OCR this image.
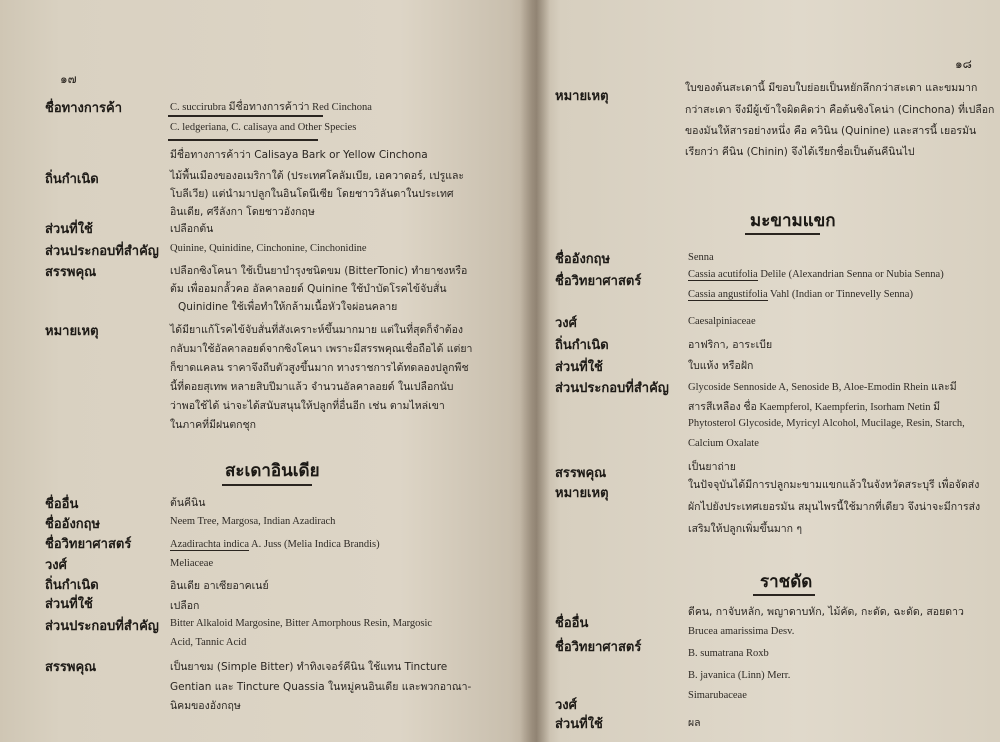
๑๗
ชื่อทางการค้า	C. succirubra มีชื่อทางการค้าว่า Red Cinchona
C. ledgeriana, C. calisaya and Other Species
มีชื่อทางการค้าว่า Calisaya Bark or Yellow Cinchona
ถิ่นกำเนิด	ไม้พื้นเมืองของอเมริกาใต้ (ประเทศโคลัมเบีย, เอควาดอร์, เปรูและ
โบลีเวีย) แต่นำมาปลูกในอินโดนีเซีย โดยชาววิลันดาในประเทศ
อินเดีย, ศรีลังกา โดยชาวอังกฤษ
ส่วนที่ใช้	เปลือกต้น
ส่วนประกอบที่สำคัญ Quinine, Quinidine, Cinchonine, Cinchonidine
สรรพคุณ	เปลือกซิงโคนา ใช้เป็นยาบำรุงชนิดขม (BitterTonic) ทำยาชงหรือ
ต้ม เพื่ออมกลั้วคอ อัลคาลอยด์ Quinine ใช้บำบัดโรคไข้จับสั่น
Quinidine ใช้เพื่อทำให้กล้ามเนื้อหัวใจผ่อนคลาย
หมายเหตุ	ได้มียาแก้โรคไข้จับสั่นที่สังเคราะห์ขึ้นมากมาย แต่ในที่สุดก็จำต้อง
กลับมาใช้อัลคาลอยด์จากซิงโคนา เพราะมีสรรพคุณเชื่อถือได้ แต่ยา
ก็ขาดแคลน ราคาจึงถีบตัวสูงขึ้นมาก ทางราชการได้ทดลองปลูกพืช
นี้ที่ดอยสุเทพ หลายสิบปีมาแล้ว จำนวนอัลคาลอยด์ ในเปลือกนับ
ว่าพอใช้ได้ น่าจะได้สนับสนุนให้ปลูกที่อื่นอีก เช่น ตามไหล่เขา
ในภาคที่มีฝนตกชุก
สะเดาอินเดีย
ชื่ออื่น	ต้นคีนิน
ชื่ออังกฤษ	Neem Tree, Margosa, Indian Azadirach
ชื่อวิทยาศาสตร์	Azadirachta indica A. Juss (Melia Indica Brandis)
วงศ์	Meliaceae
ถิ่นกำเนิด	อินเดีย อาเซียอาคเนย์
ส่วนที่ใช้	เปลือก
ส่วนประกอบที่สำคัญ Bitter Alkaloid Margosine, Bitter Amorphous Resin, Margosic
Acid, Tannic Acid
สรรพคุณ	เป็นยาขม (Simple Bitter) ทำทิงเจอร์คีนิน ใช้แทน Tincture
Gentian และ Tincture Quassia ในหมู่คนอินเดีย และพวกอาณา-
นิคมของอังกฤษ
๑๘
หมายเหตุ
ใบของต้นสะเดานี้ มีขอบใบย่อยเป็นหยักลึกกว่าสะเดา และขมมาก
กว่าสะเดา จึงมีผู้เข้าใจผิดคิดว่า คือต้นซิงโคน่า (Cinchona) ที่เปลือก
ของมันให้สารอย่างหนึ่ง คือ ควินิน (Quinine) และสารนี้ เยอรมัน
เรียกว่า คีนิน (Chinin) จึงได้เรียกชื่อเป็นต้นคีนินไป
มะขามแขก
ชื่ออังกฤษ	Senna
ชื่อวิทยาศาสตร์	Cassia acutifolia Delile (Alexandrian Senna or Nubia Senna)
Cassia angustifolia Vahl (Indian or Tinnevelly Senna)
วงศ์	Caesalpiniaceae
ถิ่นกำเนิด	อาฟริกา, อาระเบีย
ส่วนที่ใช้	ใบแห้ง หรือฝัก
ส่วนประกอบที่สำคัญ Glycoside Sennoside A, Senoside B, Aloe-Emodin Rhein และมี
สารสีเหลือง ชื่อ Kaempferol, Kaempferin, Isorham Netin มี
Phytosterol Glycoside, Myricyl Alcohol, Mucilage, Resin, Starch,
Calcium Oxalate
สรรพคุณ	เป็นยาถ่าย
หมายเหตุ
ในปัจจุบันได้มีการปลูกมะขามแขกแล้วในจังหวัดสระบุรี เพื่อจัดส่ง
ผักไปยังประเทศเยอรมัน สมุนไพรนี้ใช้มากที่เดียว จึงน่าจะมีการส่ง
เสริมให้ปลูกเพิ่มขึ้นมาก ๆ
ราชดัด
ชื่ออื่น
ดีคน, กาจับหลัก, พญาดาบหัก, ไม้คัด, กะดัด, ฉะดัด, สอยดาว
ชื่อวิทยาศาสตร์
Brucea amarissima Desv.
B. sumatrana Roxb
B. javanica (Linn) Merr.
วงศ์
Simarubaceae
ส่วนที่ใช้	ผล
